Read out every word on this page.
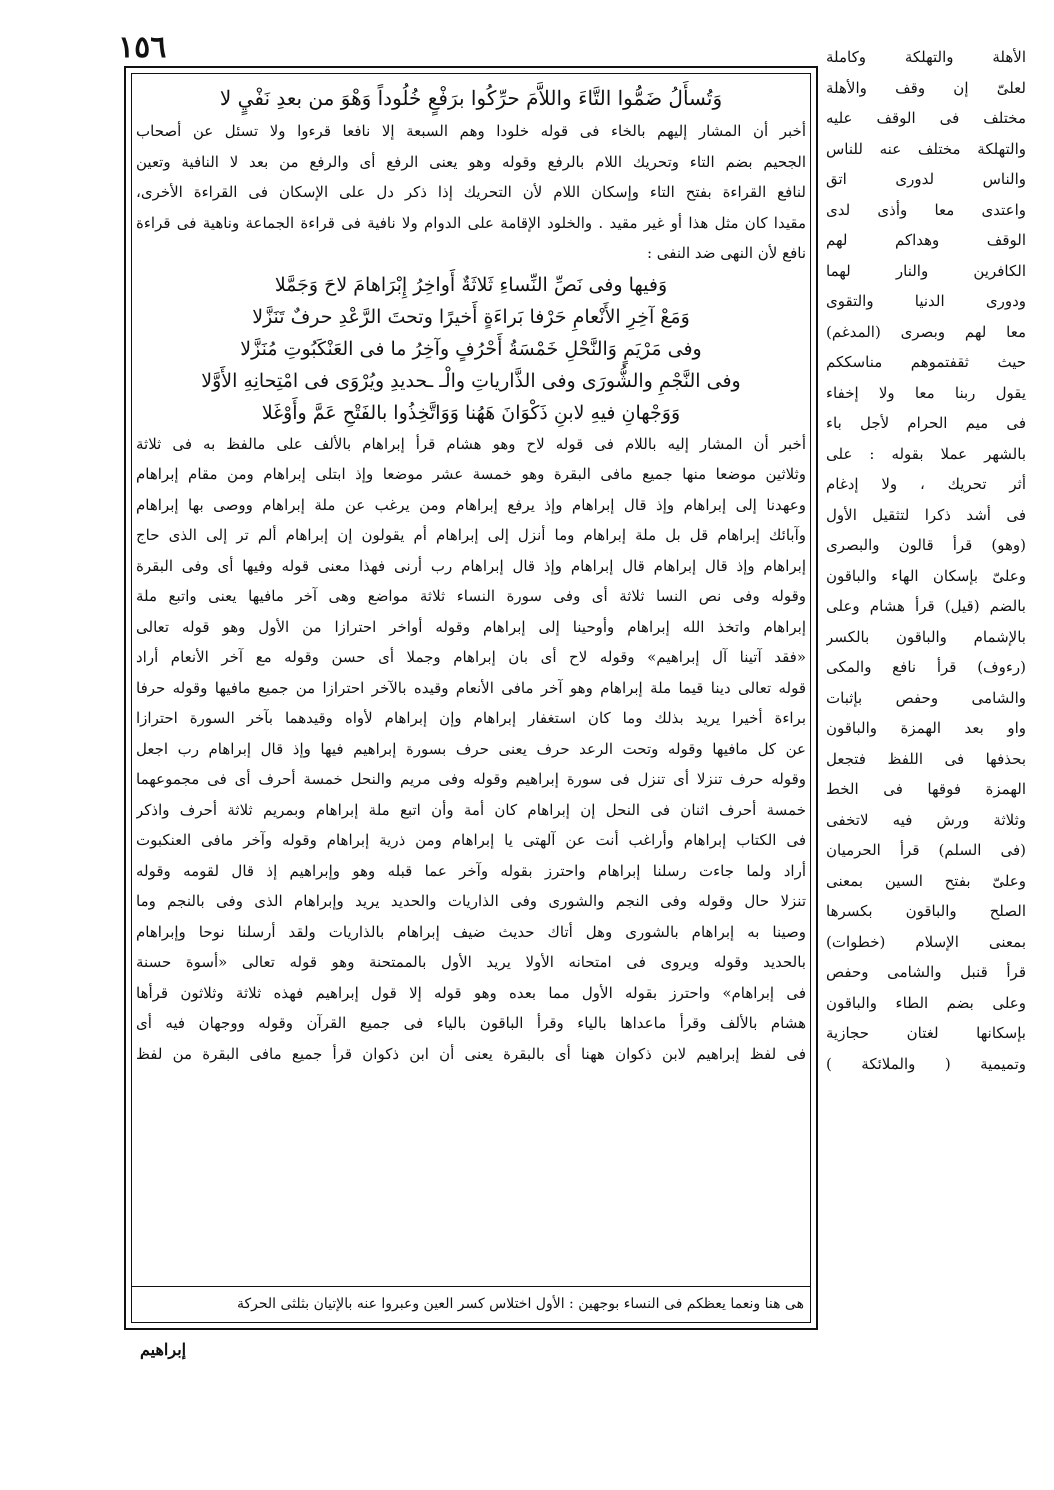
١٥٦
وَتُسأَلُ ضَمُّوا التَّاءَ واللاَّمَ حرِّكُوا برَفْعٍ خُلُوداً وَهْوَ من بعدِ نَفْيٍ لا
أخبر أن المشار إليهم بالخاء فى قوله خلودا وهم السبعة إلا نافعا قرءوا ولا تسئل عن أصحاب
الجحيم بضم التاء وتحريك اللام بالرفع وقوله وهو يعنى الرفع أى والرفع من بعد لا النافية وتعين
لنافع القراءة بفتح التاء وإسكان اللام لأن التحريك إذا ذكر دل على الإسكان فى القراءة الأخرى،
مقيدا كان مثل هذا أو غير مقيد . والخلود الإقامة على الدوام ولا نافية فى قراءة الجماعة وناهية فى قراءة
نافع لأن النهى ضد النفى :
وَفيها وفى نَصِّ النِّساءِ ثَلاثَةٌ أَواخِرُ إِبْرَاهامَ لاحَ وَجَمَّلا
وَمَعْ آخِرِ الأَنْعامِ حَرْفا بَراءَةٍ أَخيرًا وتحتَ الرَّعْدِ حرفٌ تَنَزَّلا
وفى مَرْيَمٍ وَالنَّحْلِ خَمْسَةُ أَحْرُفٍ وآخِرُ ما فى العَنْكَبُوتِ مُنَزَّلا
وفى النَّجْمِ والشُّورَى وفى الذَّارياتِ والْـ ـحديدِ ويُرْوَى فى امْتِحانِهِ الأَوَّلا
وَوَجْهانِ فيهِ لابنِ ذَكْوَانَ هَهُنا وَوَاتَّخِذُوا بالفَتْحِ عَمَّ وأَوْغَلا
أخبر أن المشار إليه باللام فى قوله لاح وهو هشام قرأ إبراهام بالألف على مالفظ به فى ثلاثة
وثلاثين موضعا منها جميع مافى البقرة وهو خمسة عشر موضعا وإذ ابتلى إبراهام ومن مقام إبراهام
وعهدنا إلى إبراهام وإذ قال إبراهام وإذ يرفع إبراهام ومن يرغب عن ملة إبراهام ووصى بها إبراهام
وآبائك إبراهام قل بل ملة إبراهام وما أنزل إلى إبراهام أم يقولون إن إبراهام ألم تر إلى الذى حاج
إبراهام وإذ قال إبراهام قال إبراهام وإذ قال إبراهام رب أرنى فهذا معنى قوله وفيها أى وفى البقرة
وقوله وفى نص النسا ثلاثة أى وفى سورة النساء ثلاثة مواضع وهى آخر مافيها يعنى واتبع ملة
إبراهام واتخذ الله إبراهام وأوحينا إلى إبراهام وقوله أواخر احترازا من الأول وهو قوله تعالى
«فقد آتينا آل إبراهيم» وقوله لاح أى بان إبراهام وجملا أى حسن وقوله مع آخر الأنعام أراد
قوله تعالى دينا قيما ملة إبراهام وهو آخر مافى الأنعام وقيده بالآخر احترازا من جميع مافيها وقوله حرفا
براءة أخيرا يريد بذلك وما كان استغفار إبراهام وإن إبراهام لأواه وقيدهما بآخر السورة احترازا
عن كل مافيها وقوله وتحت الرعد حرف يعنى حرف بسورة إبراهيم فيها وإذ قال إبراهام رب اجعل
وقوله حرف تنزلا أى تنزل فى سورة إبراهيم وقوله وفى مريم والنحل خمسة أحرف أى فى مجموعهما
خمسة أحرف اثنان فى النحل إن إبراهام كان أمة وأن اتبع ملة إبراهام وبمريم ثلاثة أحرف واذكر
فى الكتاب إبراهام وأراغب أنت عن آلهتى يا إبراهام ومن ذرية إبراهام وقوله وآخر مافى العنكبوت
أراد ولما جاءت رسلنا إبراهام واحترز بقوله وآخر عما قبله وهو وإبراهيم إذ قال لقومه وقوله
تنزلا حال وقوله وفى النجم والشورى وفى الذاريات والحديد يريد وإبراهام الذى وفى بالنجم وما
وصينا به إبراهام بالشورى وهل أتاك حديث ضيف إبراهام بالذاريات ولقد أرسلنا نوحا وإبراهام
بالحديد وقوله ويروى فى امتحانه الأولا يريد الأول بالممتحنة وهو قوله تعالى «أسوة حسنة
فى إبراهام» واحترز بقوله الأول مما بعده وهو قوله إلا قول إبراهيم فهذه ثلاثة وثلاثون قرأها
هشام بالألف وقرأ ماعداها بالياء وقرأ الباقون بالياء فى جميع القرآن وقوله ووجهان فيه أى
فى لفظ إبراهيم لابن ذكوان ههنا أى بالبقرة يعنى أن ابن ذكوان قرأ جميع مافى البقرة من لفظ
هى هنا ونعما يعظكم فى النساء بوجهين : الأول اختلاس كسر العين وعبروا عنه بالإتيان بثلثى الحركة
إبراهيم
الأهلة والتهلكة وكاملة
لعلىّ إن وقف والأهلة
مختلف فى الوقف عليه
والتهلكة مختلف عنه للناس
والناس لدورى اتق
واعتدى معا وأذى لدى
الوقف وهداكم لهم
الكافرين والنار لهما
ودورى الدنيا والتقوى
معا لهم وبصرى (المدغم)
حيث ثقفتموهم مناسككم
يقول ربنا معا ولا إخفاء
فى ميم الحرام لأجل باء
بالشهر عملا بقوله : على
أثر تحريك ، ولا إدغام
فى أشد ذكرا لتثقيل الأول
(وهو) قرأ قالون والبصرى
وعلىّ بإسكان الهاء والباقون
بالضم (قيل) قرأ هشام وعلى
بالإشمام والباقون بالكسر
(رءوف) قرأ نافع والمكى
والشامى وحفص بإثبات
واو بعد الهمزة والباقون
بحذفها فى اللفظ فتجعل
الهمزة فوقها فى الخط
وثلاثة ورش فيه لاتخفى
(فى السلم) قرأ الحرميان
وعلىّ بفتح السين بمعنى
الصلح والباقون بكسرها
بمعنى الإسلام (خطوات)
قرأ قنبل والشامى وحفص
وعلى بضم الطاء والباقون
بإسكانها لغتان حجازية
وتميمية ( والملائكة )
